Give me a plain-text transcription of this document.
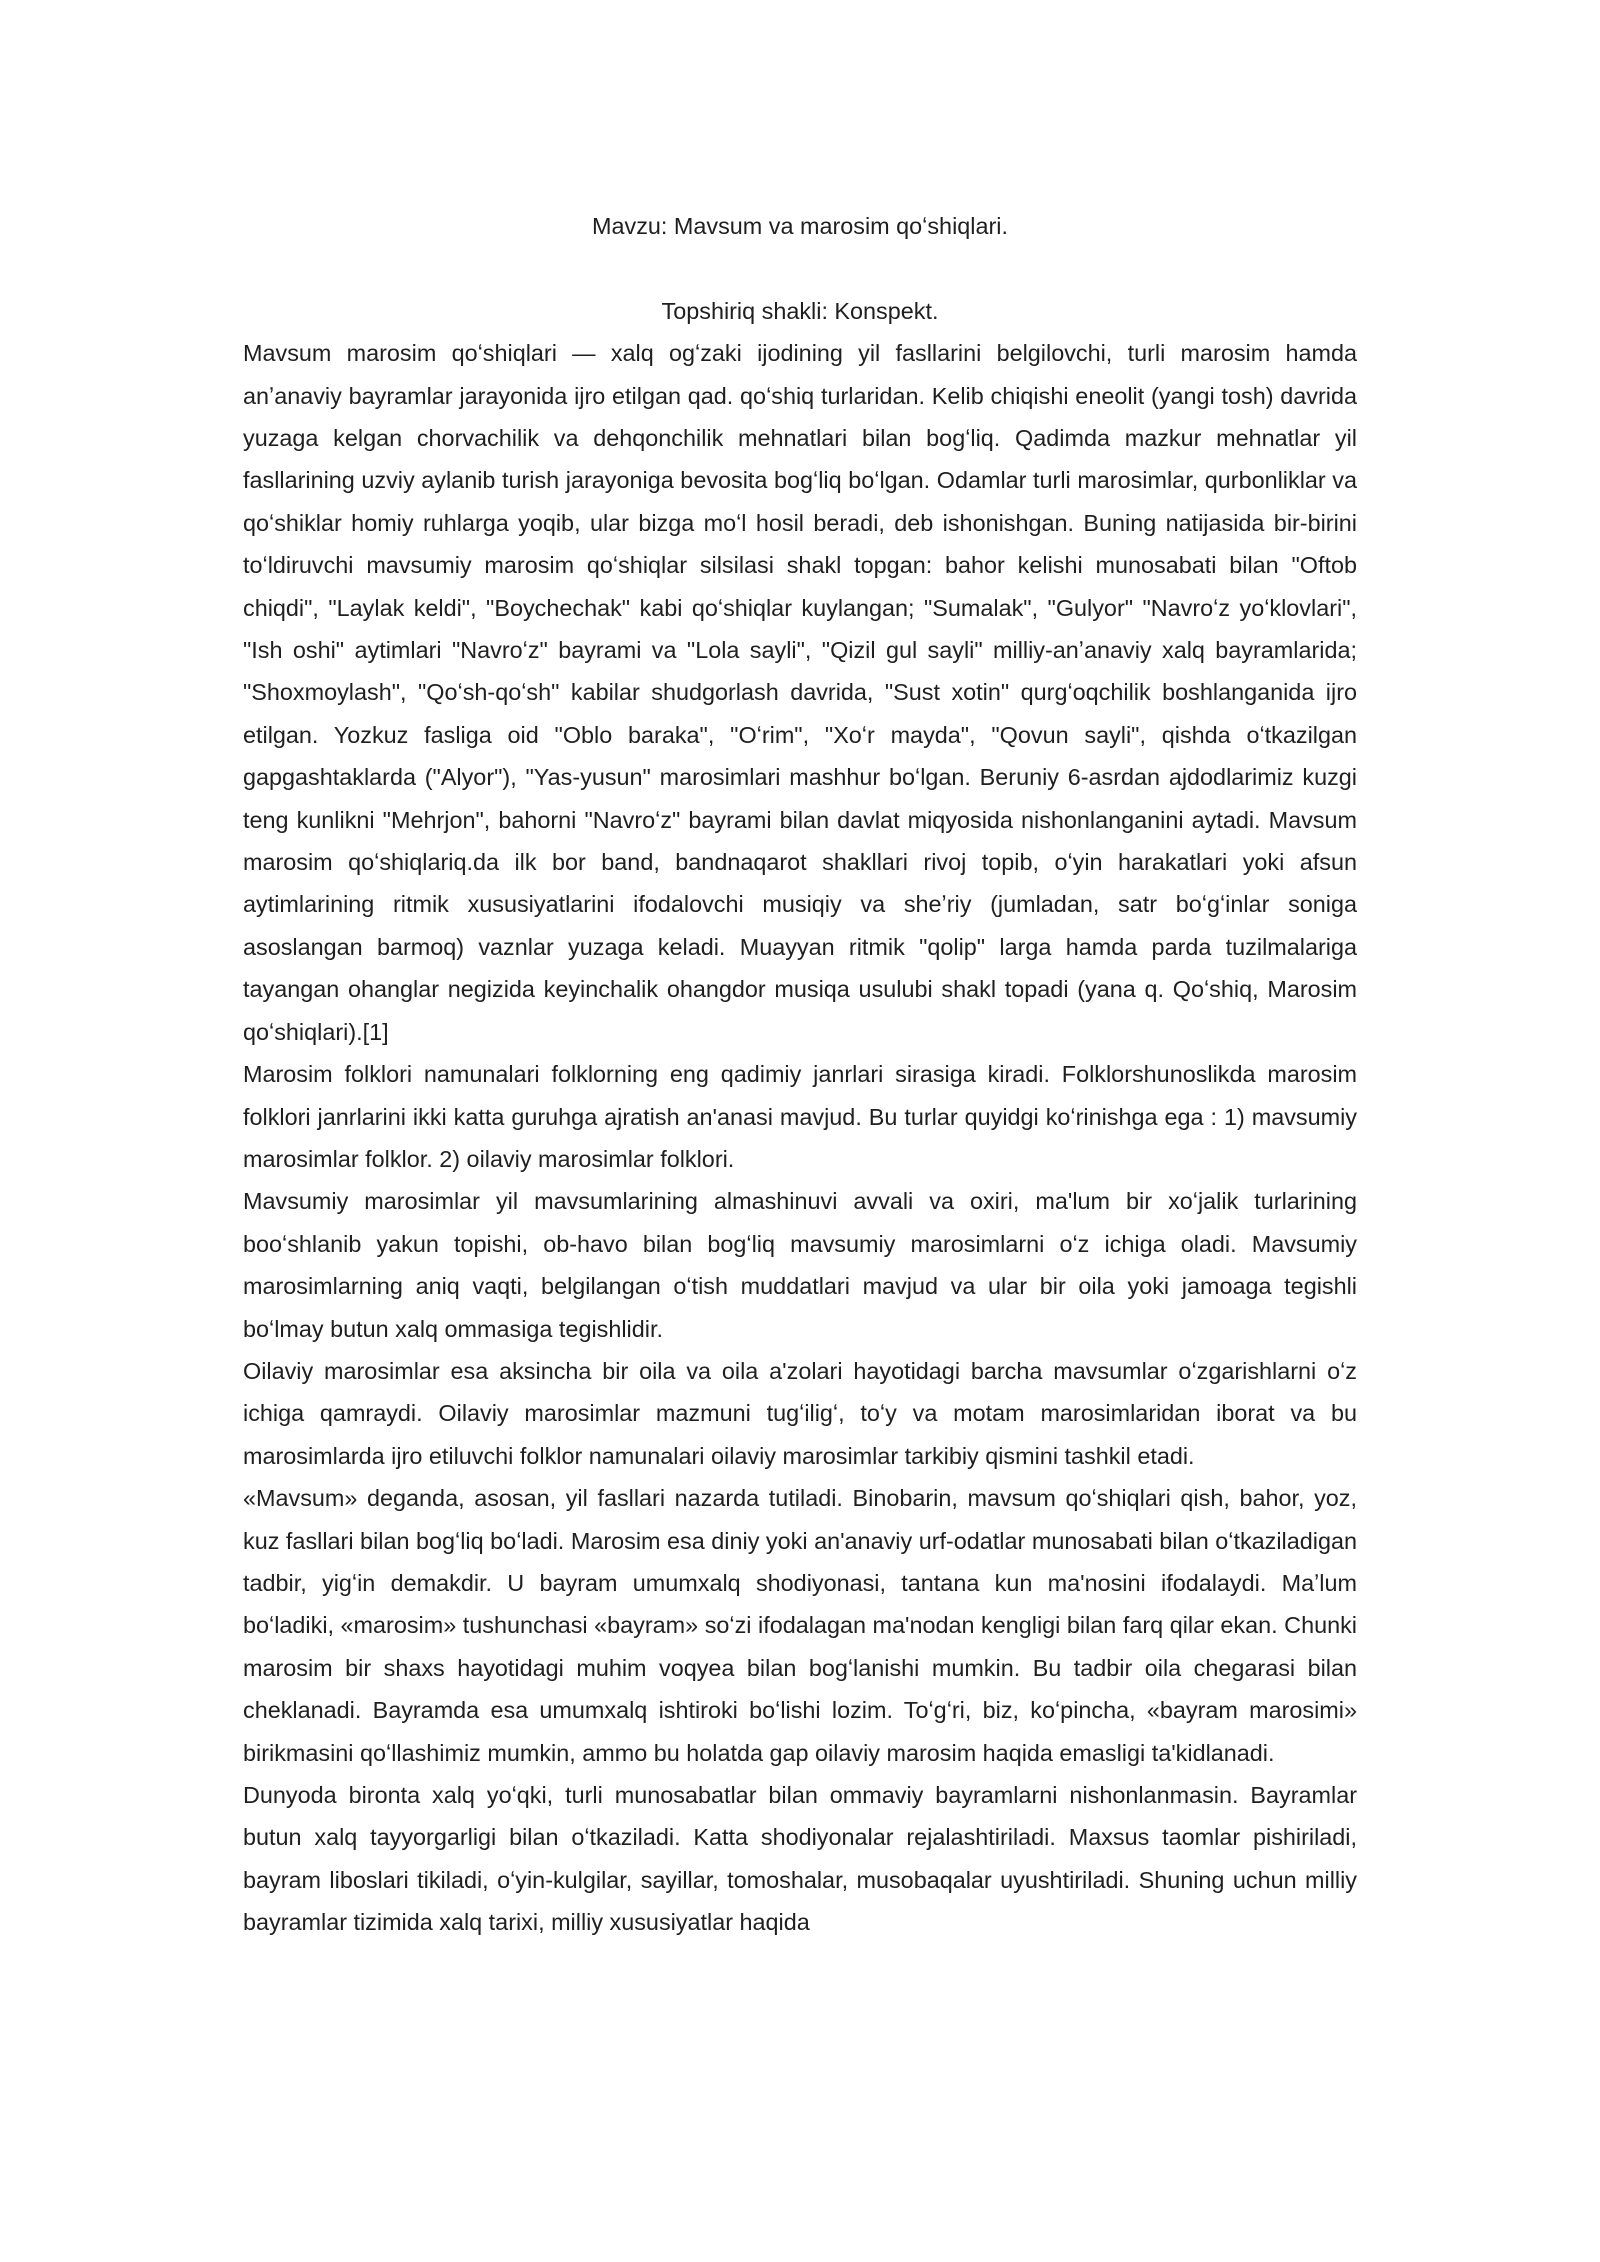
Mavzu: Mavsum va marosim qoʻshiqlari.

Topshiriq shakli: Konspekt.

Mavsum marosim qoʻshiqlari — xalq ogʻzaki ijodining yil fasllarini belgilovchi, turli marosim hamda anʼanaviy bayramlar jarayonida ijro etilgan qad. qoʻshiq turlaridan. Kelib chiqishi eneolit (yangi tosh) davrida yuzaga kelgan chorvachilik va dehqonchilik mehnatlari bilan bogʻliq. Qadimda mazkur mehnatlar yil fasllarining uzviy aylanib turish jarayoniga bevosita bogʻliq boʻlgan. Odamlar turli marosimlar, qurbonliklar va qoʻshiklar homiy ruhlarga yoqib, ular bizga moʻl hosil beradi, deb ishonishgan. Buning natijasida bir-birini toʻldiruvchi mavsumiy marosim qoʻshiqlar silsilasi shakl topgan: bahor kelishi munosabati bilan "Oftob chiqdi", "Laylak keldi", "Boychechak" kabi qoʻshiqlar kuylangan; "Sumalak", "Gulyor" "Navroʻz yoʻklovlari", "Ish oshi" aytimlari "Navroʻz" bayrami va "Lola sayli", "Qizil gul sayli" milliy-anʼanaviy xalq bayramlarida; "Shoxmoylash", "Qoʻsh-qoʻsh" kabilar shudgorlash davrida, "Sust xotin" qurgʻoqchilik boshlanganida ijro etilgan. Yozkuz fasliga oid "Oblo baraka", "Oʻrim", "Xoʻr mayda", "Qovun sayli", qishda oʻtkazilgan gapgashtaklarda ("Alyor"), "Yas-yusun" marosimlari mashhur boʻlgan. Beruniy 6-asrdan ajdodlarimiz kuzgi teng kunlikni "Mehrjon", bahorni "Navroʻz" bayrami bilan davlat miqyosida nishonlanganini aytadi. Mavsum marosim qoʻshiqlariq.da ilk bor band, bandnaqarot shakllari rivoj topib, oʻyin harakatlari yoki afsun aytimlarining ritmik xususiyatlarini ifodalovchi musiqiy va sheʼriy (jumladan, satr boʻgʻinlar soniga asoslangan barmoq) vaznlar yuzaga keladi. Muayyan ritmik "qolip" larga hamda parda tuzilmalariga tayangan ohanglar negizida keyinchalik ohangdor musiqa usulubi shakl topadi (yana q. Qoʻshiq, Marosim qoʻshiqlari).[1]

Marosim folklori namunalari folklorning eng qadimiy janrlari sirasiga kiradi. Folklorshunoslikda marosim folklori janrlarini ikki katta guruhga ajratish an'anasi mavjud. Bu turlar quyidgi koʻrinishga ega : 1) mavsumiy marosimlar folklor. 2) oilaviy marosimlar folklori.

Mavsumiy marosimlar yil mavsumlarining almashinuvi avvali va oxiri, ma'lum bir xoʻjalik turlarining booʻshlanib yakun topishi, ob-havo bilan bogʻliq mavsumiy marosimlarni oʻz ichiga oladi. Mavsumiy marosimlarning aniq vaqti, belgilangan oʻtish muddatlari mavjud va ular bir oila yoki jamoaga tegishli boʻlmay butun xalq ommasiga tegishlidir.

Oilaviy marosimlar esa aksincha bir oila va oila a'zolari hayotidagi barcha mavsumlar oʻzgarishlarni oʻz ichiga qamraydi. Oilaviy marosimlar mazmuni tugʻiligʻ, toʻy va motam marosimlaridan iborat va bu marosimlarda ijro etiluvchi folklor namunalari oilaviy marosimlar tarkibiy qismini tashkil etadi.

«Mavsum» deganda, asosan, yil fasllari nazarda tutiladi. Binobarin, mavsum qoʻshiqlari qish, bahor, yoz, kuz fasllari bilan bogʻliq boʻladi. Marosim esa diniy yoki an'anaviy urf-odatlar munosabati bilan oʻtkaziladigan tadbir, yigʻin demakdir. U bayram umumxalq shodiyonasi, tantana kun ma'nosini ifodalaydi. Maʼlum boʻladiki, «marosim» tushunchasi «bayram» soʻzi ifodalagan ma'nodan kengligi bilan farq qilar ekan. Chunki marosim bir shaxs hayotidagi muhim voqyea bilan bogʻlanishi mumkin. Bu tadbir oila chegarasi bilan cheklanadi. Bayramda esa umumxalq ishtiroki boʻlishi lozim. Toʻgʻri, biz, koʻpincha, «bayram marosimi» birikmasini qoʻllashimiz mumkin, ammo bu holatda gap oilaviy marosim haqida emasligi ta'kidlanadi.

Dunyoda bironta xalq yoʻqki, turli munosabatlar bilan ommaviy bayramlarni nishonlanmasin. Bayramlar butun xalq tayyorgarligi bilan oʻtkaziladi. Katta shodiyonalar rejalashtiriladi. Maxsus taomlar pishiriladi, bayram liboslari tikiladi, oʻyin-kulgilar, sayillar, tomoshalar, musobaqalar uyushtiriladi. Shuning uchun milliy bayramlar tizimida xalq tarixi, milliy xususiyatlar haqida
